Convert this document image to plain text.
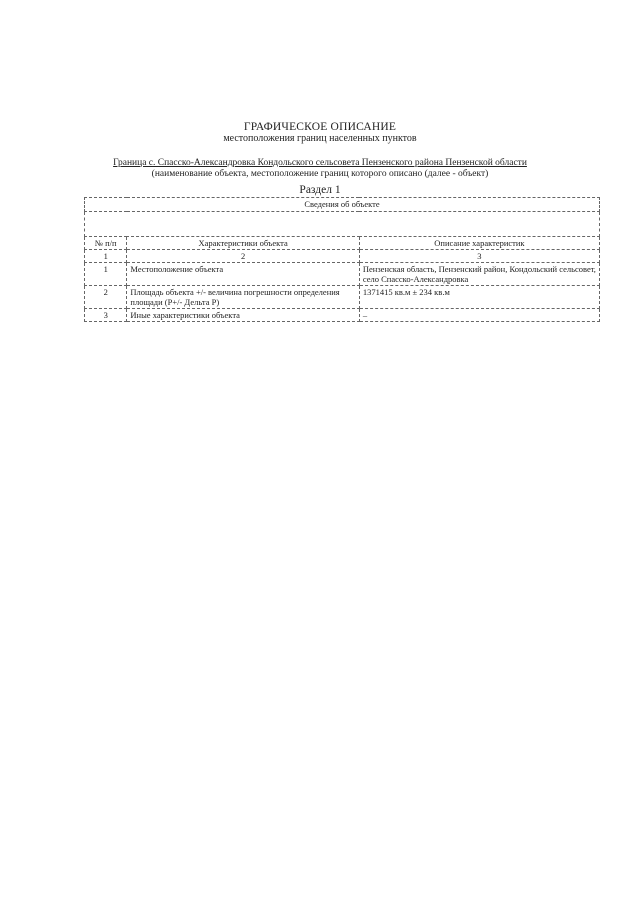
ГРАФИЧЕСКОЕ ОПИСАНИЕ
местоположения границ населенных пунктов
Граница с. Спасско-Александровка Кондольского сельсовета Пензенского района Пензенской области
(наименование объекта, местоположение границ которого описано (далее - объект)
Раздел 1
Сведения об объекте		

№ п/п	Характеристики объекта	Описание характеристик
1	2	3
1	Местоположение объекта	Пензенская область, Пензенский район, Кондольский сельсовет, село Спасско-Александровка
2	Площадь объекта +/- величина погрешности определения площади (Р+/- Дельта Р)	1371415 кв.м ± 234 кв.м
3	Иные характеристики объекта	–
